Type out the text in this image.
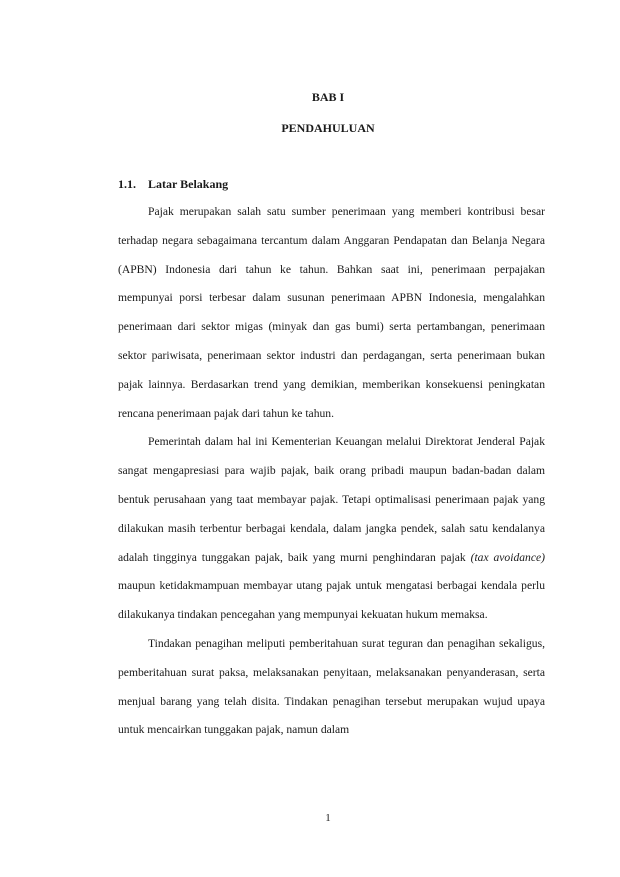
BAB I
PENDAHULUAN
1.1. Latar Belakang

Pajak merupakan salah satu sumber penerimaan yang memberi kontribusi besar terhadap negara sebagaimana tercantum dalam Anggaran Pendapatan dan Belanja Negara (APBN) Indonesia dari tahun ke tahun. Bahkan saat ini, penerimaan perpajakan mempunyai porsi terbesar dalam susunan penerimaan APBN Indonesia, mengalahkan penerimaan dari sektor migas (minyak dan gas bumi) serta pertambangan, penerimaan sektor pariwisata, penerimaan sektor industri dan perdagangan, serta penerimaan bukan pajak lainnya. Berdasarkan trend yang demikian, memberikan konsekuensi peningkatan rencana penerimaan pajak dari tahun ke tahun.

Pemerintah dalam hal ini Kementerian Keuangan melalui Direktorat Jenderal Pajak sangat mengapresiasi para wajib pajak, baik orang pribadi maupun badan-badan dalam bentuk perusahaan yang taat membayar pajak. Tetapi optimalisasi penerimaan pajak yang dilakukan masih terbentur berbagai kendala, dalam jangka pendek, salah satu kendalanya adalah tingginya tunggakan pajak, baik yang murni penghindaran pajak (tax avoidance) maupun ketidakmampuan membayar utang pajak untuk mengatasi berbagai kendala perlu dilakukanya tindakan pencegahan yang mempunyai kekuatan hukum memaksa.

Tindakan penagihan meliputi pemberitahuan surat teguran dan penagihan sekaligus, pemberitahuan surat paksa, melaksanakan penyitaan, melaksanakan penyanderasan, serta menjual barang yang telah disita. Tindakan penagihan tersebut merupakan wujud upaya untuk mencairkan tunggakan pajak, namun dalam

1
